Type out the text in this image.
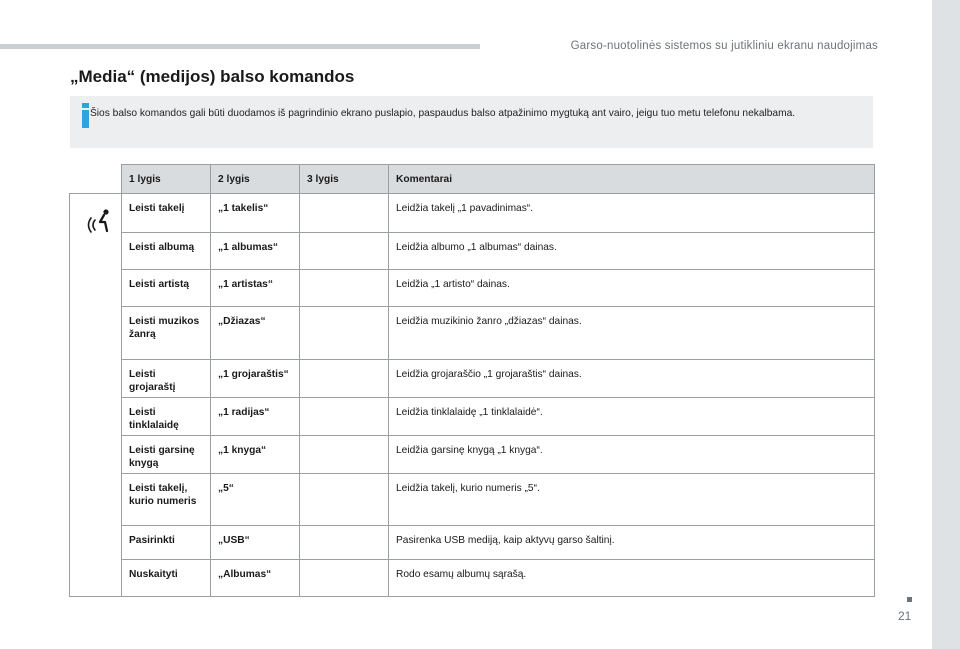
Garso-nuotolinės sistemos su jutikliniu ekranu naudojimas
„Media“ (medijos) balso komandos
Šios balso komandos gali būti duodamos iš pagrindinio ekrano puslapio, paspaudus balso atpažinimo mygtuką ant vairo, jeigu tuo metu telefonu nekalbama.
	1 lygis	2 lygis	3 lygis	Komentarai

	Leisti takelį	„1 takelis“		Leidžia takelį „1 pavadinimas“.
	Leisti albumą	„1 albumas“		Leidžia albumo „1 albumas“ dainas.
	Leisti artistą	„1 artistas“		Leidžia „1 artisto“ dainas.
	Leisti muzikos žanrą	„Džiazas“		Leidžia muzikinio žanro „džiazas“ dainas.
	Leisti grojaraštį	„1 grojaraštis“		Leidžia grojaraščio „1 grojaraštis“ dainas.
	Leisti tinklalaidę	„1 radijas“		Leidžia tinklalaidę „1 tinklalaidė“.
	Leisti garsinę knygą	„1 knyga“		Leidžia garsinę knygą „1 knyga“.
	Leisti takelį, kurio numeris	„5“		Leidžia takelį, kurio numeris „5“.
	Pasirinkti	„USB“		Pasirenka USB mediją, kaip aktyvų garso šaltinį.
	Nuskaityti	„Albumas“		Rodo esamų albumų sąrašą.
21
